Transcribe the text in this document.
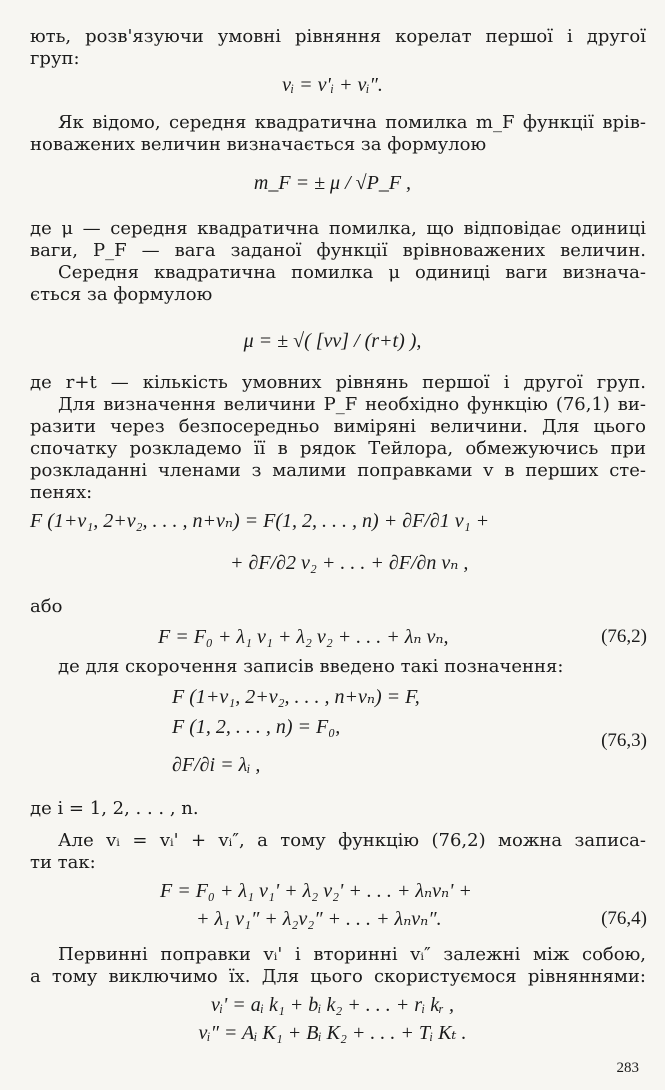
ють, розв'язуючи умовні рівняння корелат першої і другої
груп:
vᵢ = v'ᵢ + vᵢ″.
Як відомо, середня квадратична помилка m_F функції врів-
новажених величин визначається за формулою
m_F = ± μ / √P_F ,
де μ — середня квадратична помилка, що відповідає одиниці
ваги, P_F — вага заданої функції врівноважених величин.
Середня квадратична помилка μ одиниці ваги визнача-
ється за формулою
μ = ± √( [vv] / (r+t) ),
де r+t — кількість умовних рівнянь першої і другої груп.
Для визначення величини P_F необхідно функцію (76,1) ви-
разити через безпосередньо виміряні величини. Для цього
спочатку розкладемо її в рядок Тейлора, обмежуючись при
розкладанні членами з малими поправками v в перших сте-
пенях:
F (1+v₁, 2+v₂, . . . , n+vₙ) = F(1, 2, . . . , n) + ∂F/∂1 v₁ +
+ ∂F/∂2 v₂ + . . . + ∂F/∂n vₙ ,
або
F = F₀ + λ₁ v₁ + λ₂ v₂ + . . . + λₙ vₙ,	(76,2)
де для скорочення записів введено такі позначення:
F (1+v₁, 2+v₂, . . . , n+vₙ) = F,
F (1, 2, . . . , n) = F₀,
∂F/∂i = λᵢ ,
(76,3)
де i = 1, 2, . . . , n.
Але vᵢ = vᵢ' + vᵢ″, а тому функцію (76,2) можна записа-
ти так:
F = F₀ + λ₁ v₁' + λ₂ v₂' + . . . + λₙvₙ' +
+ λ₁ v₁″ + λ₂v₂″ + . . . + λₙvₙ″.	(76,4)
Первинні поправки vᵢ' і вторинні vᵢ″ залежні між собою,
а тому виключимо їх. Для цього скористуємося рівняннями:
vᵢ' = aᵢ k₁ + bᵢ k₂ + . . . + rᵢ kᵣ ,
vᵢ″ = Aᵢ K₁ + Bᵢ K₂ + . . . + Tᵢ Kₜ .
283
